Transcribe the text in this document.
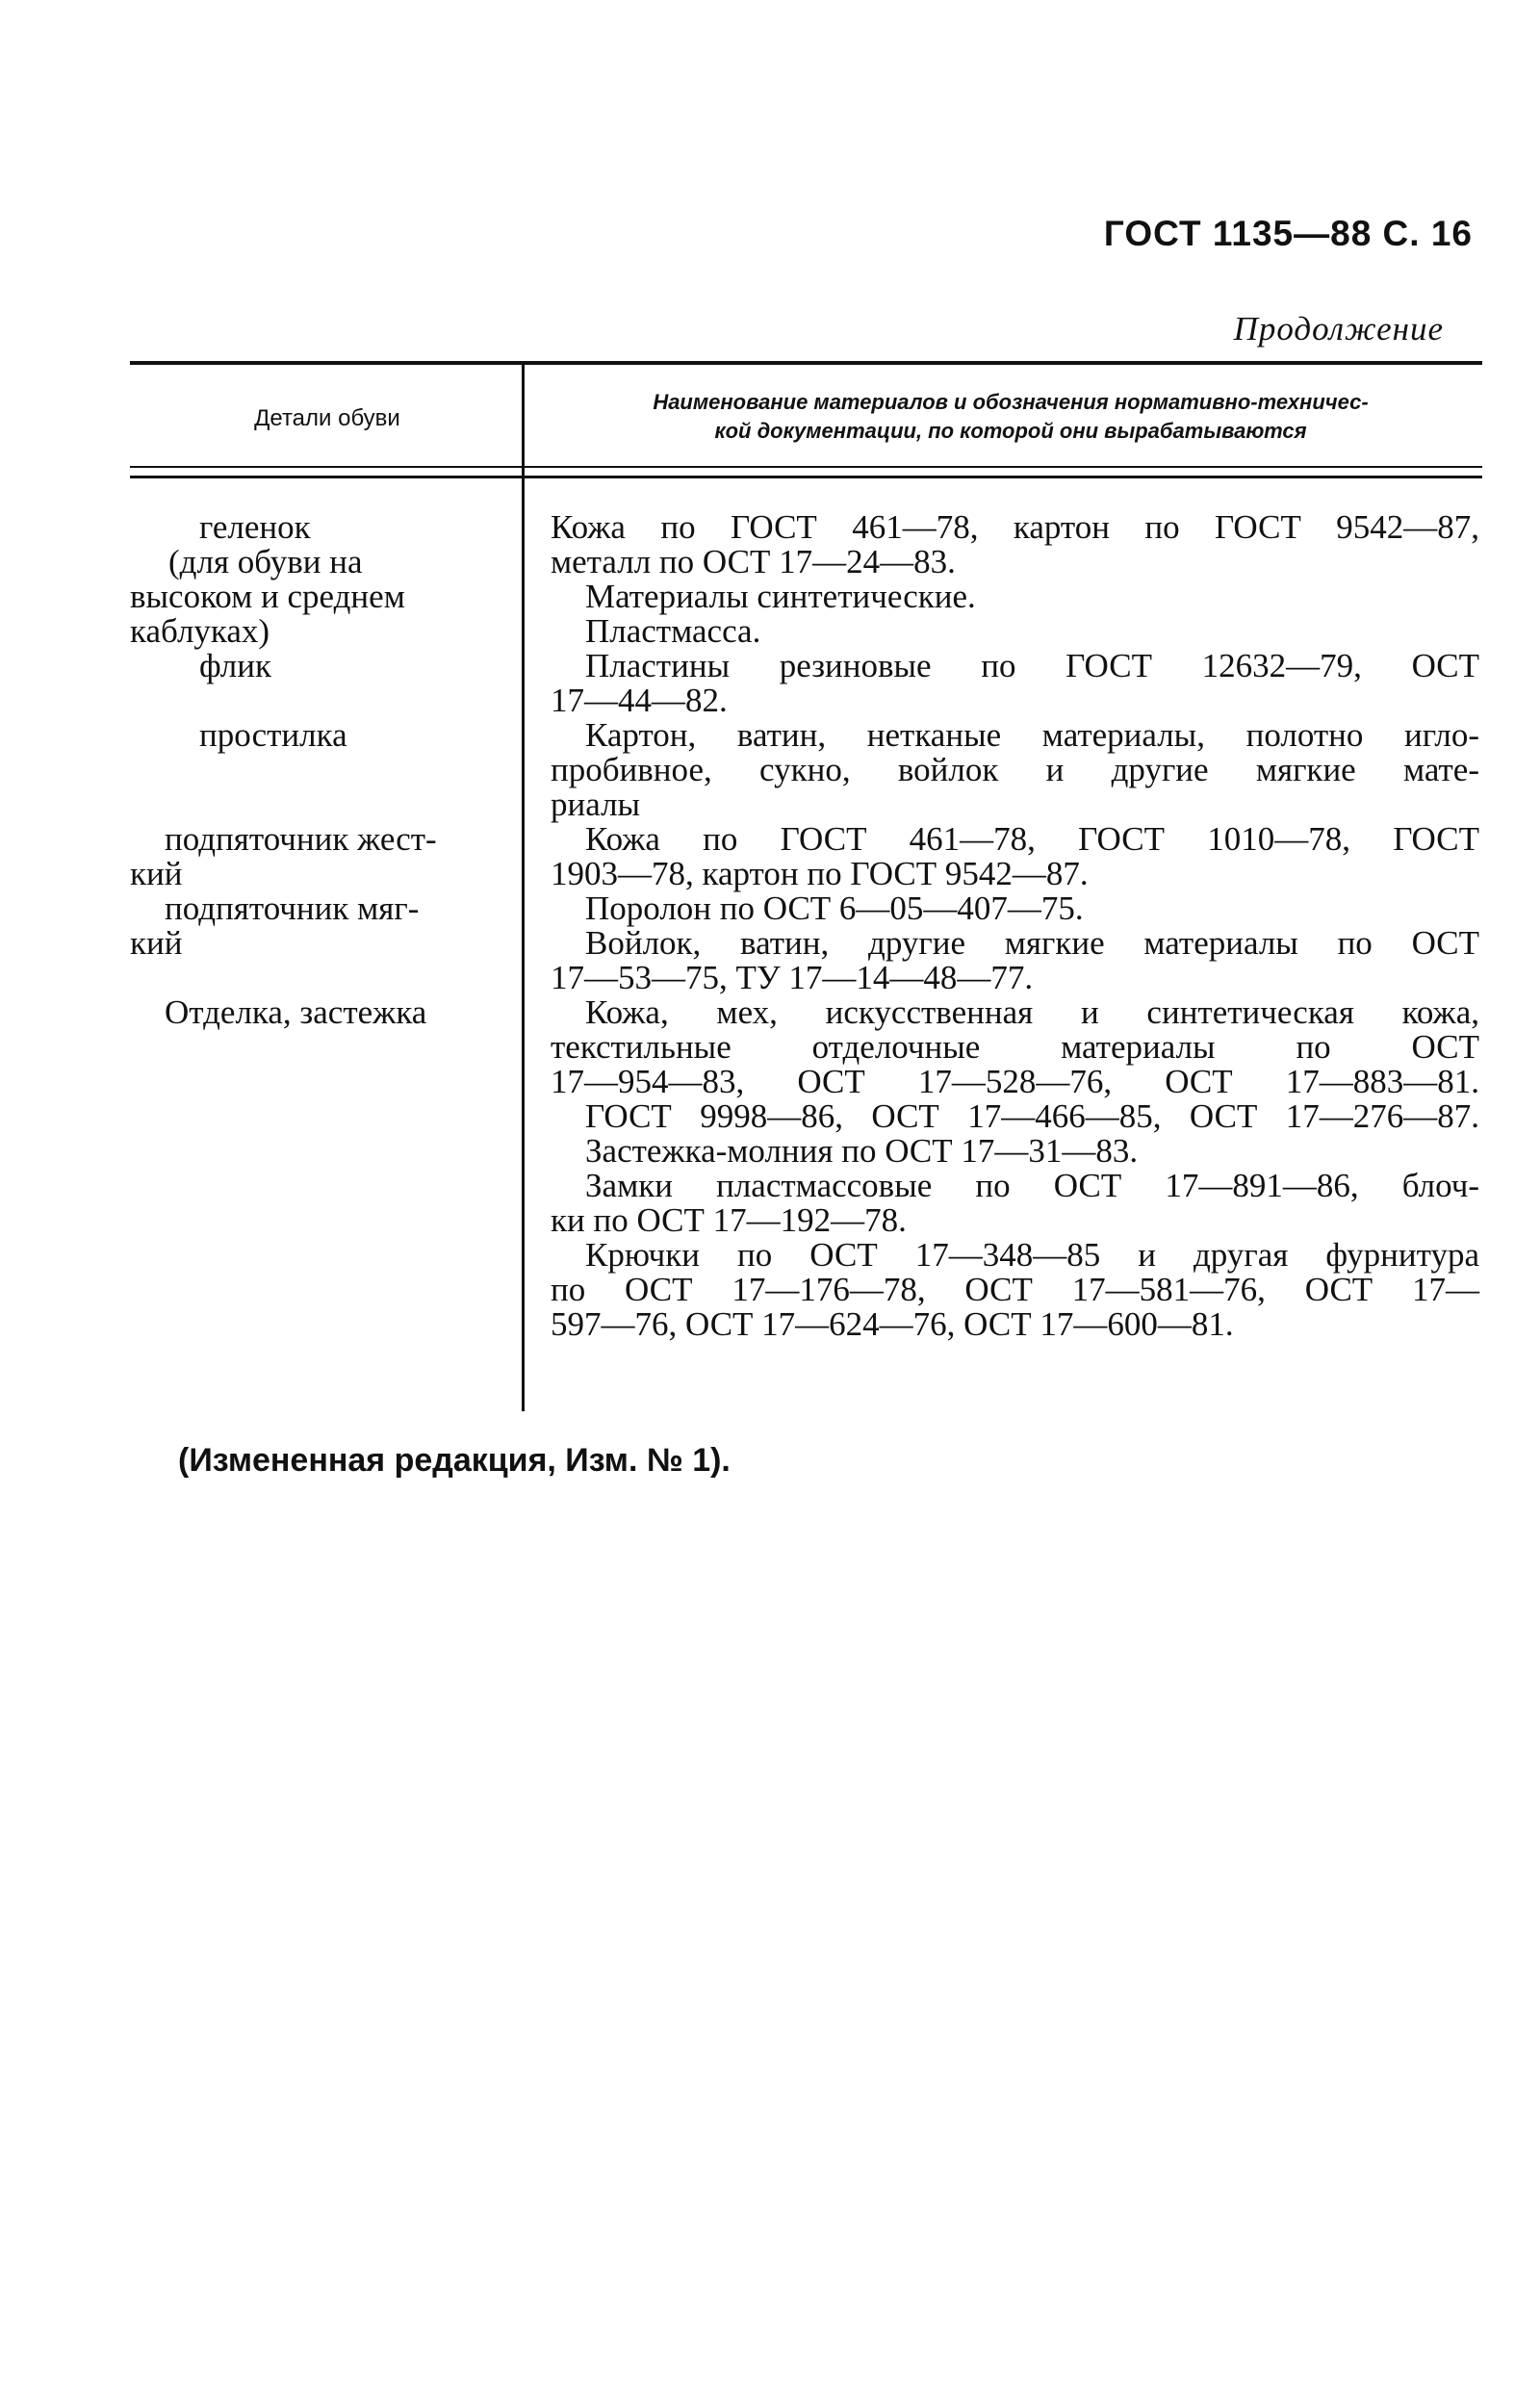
ГОСТ 1135—88 С. 16
Продолжение
Детали обуви
Наименование материалов и обозначения нормативно-техничес-
кой документации, по которой они вырабатываются
геленок
(для обуви на
высоком и среднем
каблуках)
флик
простилка
подпяточник жест-
кий
подпяточник мяг-
кий
Отделка, застежка
Кожа по ГОСТ 461—78, картон по ГОСТ 9542—87,
металл по ОСТ 17—24—83.
Материалы синтетические.
Пластмасса.
Пластины резиновые по ГОСТ 12632—79, ОСТ
17—44—82.
Картон, ватин, нетканые материалы, полотно игло-
пробивное, сукно, войлок и другие мягкие мате-
риалы
Кожа по ГОСТ 461—78, ГОСТ 1010—78, ГОСТ
1903—78, картон по ГОСТ 9542—87.
Поролон по ОСТ 6—05—407—75.
Войлок, ватин, другие мягкие материалы по ОСТ
17—53—75, ТУ 17—14—48—77.
Кожа, мех, искусственная и синтетическая кожа,
текстильные отделочные материалы по ОСТ
17—954—83, ОСТ 17—528—76, ОСТ 17—883—81.
ГОСТ 9998—86, ОСТ 17—466—85, ОСТ 17—276—87.
Застежка-молния по ОСТ 17—31—83.
Замки пластмассовые по ОСТ 17—891—86, блоч-
ки по ОСТ 17—192—78.
Крючки по ОСТ 17—348—85 и другая фурнитура
по ОСТ 17—176—78, ОСТ 17—581—76, ОСТ 17—
597—76, ОСТ 17—624—76, ОСТ 17—600—81.
(Измененная редакция, Изм. № 1).
